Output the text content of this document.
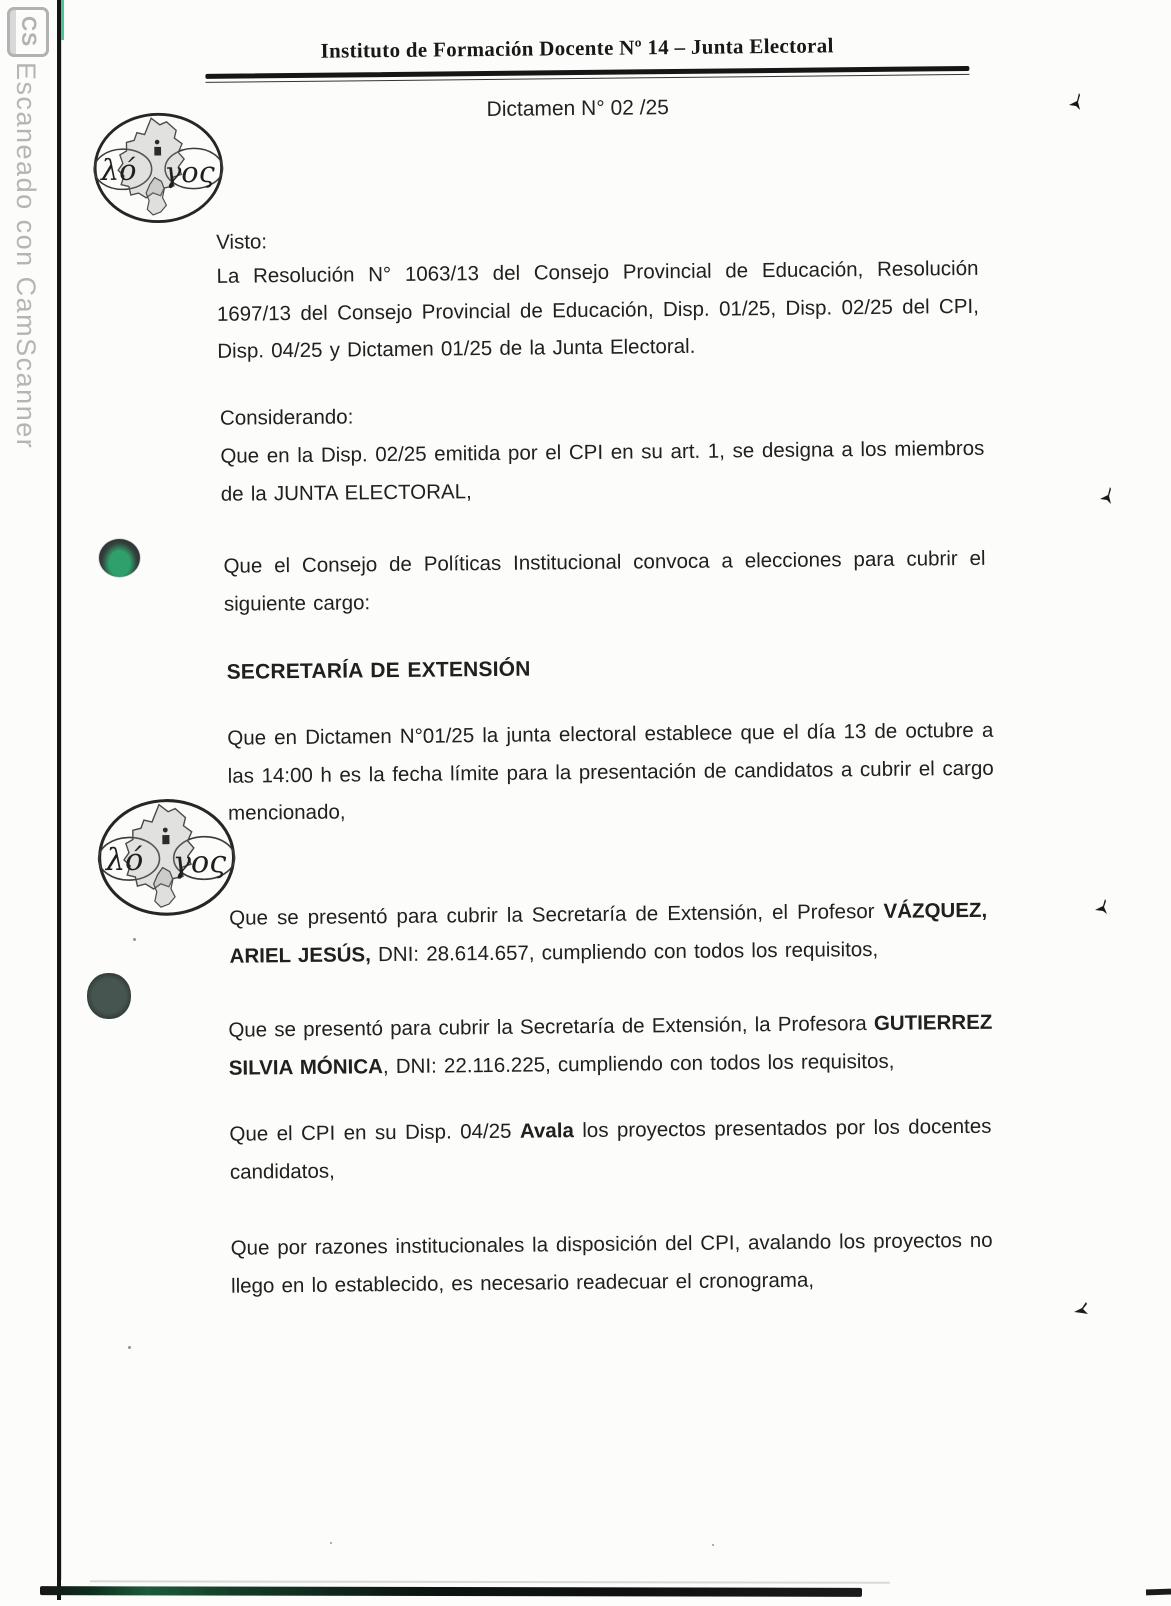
CS
Escaneado con CamScanner
Instituto de Formación Docente Nº 14 – Junta Electoral
Dictamen N° 02 /25
λό γος
Visto:
La Resolución N° 1063/13 del Consejo Provincial de Educación, Resolución 1697/13 del Consejo Provincial de Educación, Disp. 01/25, Disp. 02/25 del CPI, Disp. 04/25 y Dictamen 01/25 de la Junta Electoral.
Considerando:
Que en la Disp. 02/25 emitida por el CPI en su art. 1, se designa a los miembros de la JUNTA ELECTORAL,
Que el Consejo de Políticas Institucional convoca a elecciones para cubrir el siguiente cargo:
SECRETARÍA DE EXTENSIÓN
Que en Dictamen N°01/25 la junta electoral establece que el día 13 de octubre a las 14:00 h es la fecha límite para la presentación de candidatos a cubrir el cargo mencionado,
λό γος
Que se presentó para cubrir la Secretaría de Extensión, el Profesor VÁZQUEZ, ARIEL JESÚS, DNI: 28.614.657, cumpliendo con todos los requisitos,
Que se presentó para cubrir la Secretaría de Extensión, la Profesora GUTIERREZ SILVIA MÓNICA, DNI: 22.116.225, cumpliendo con todos los requisitos,
Que el CPI en su Disp. 04/25 Avala los proyectos presentados por los docentes candidatos,
Que por razones institucionales la disposición del CPI, avalando los proyectos no llego en lo establecido, es necesario readecuar el cronograma,
